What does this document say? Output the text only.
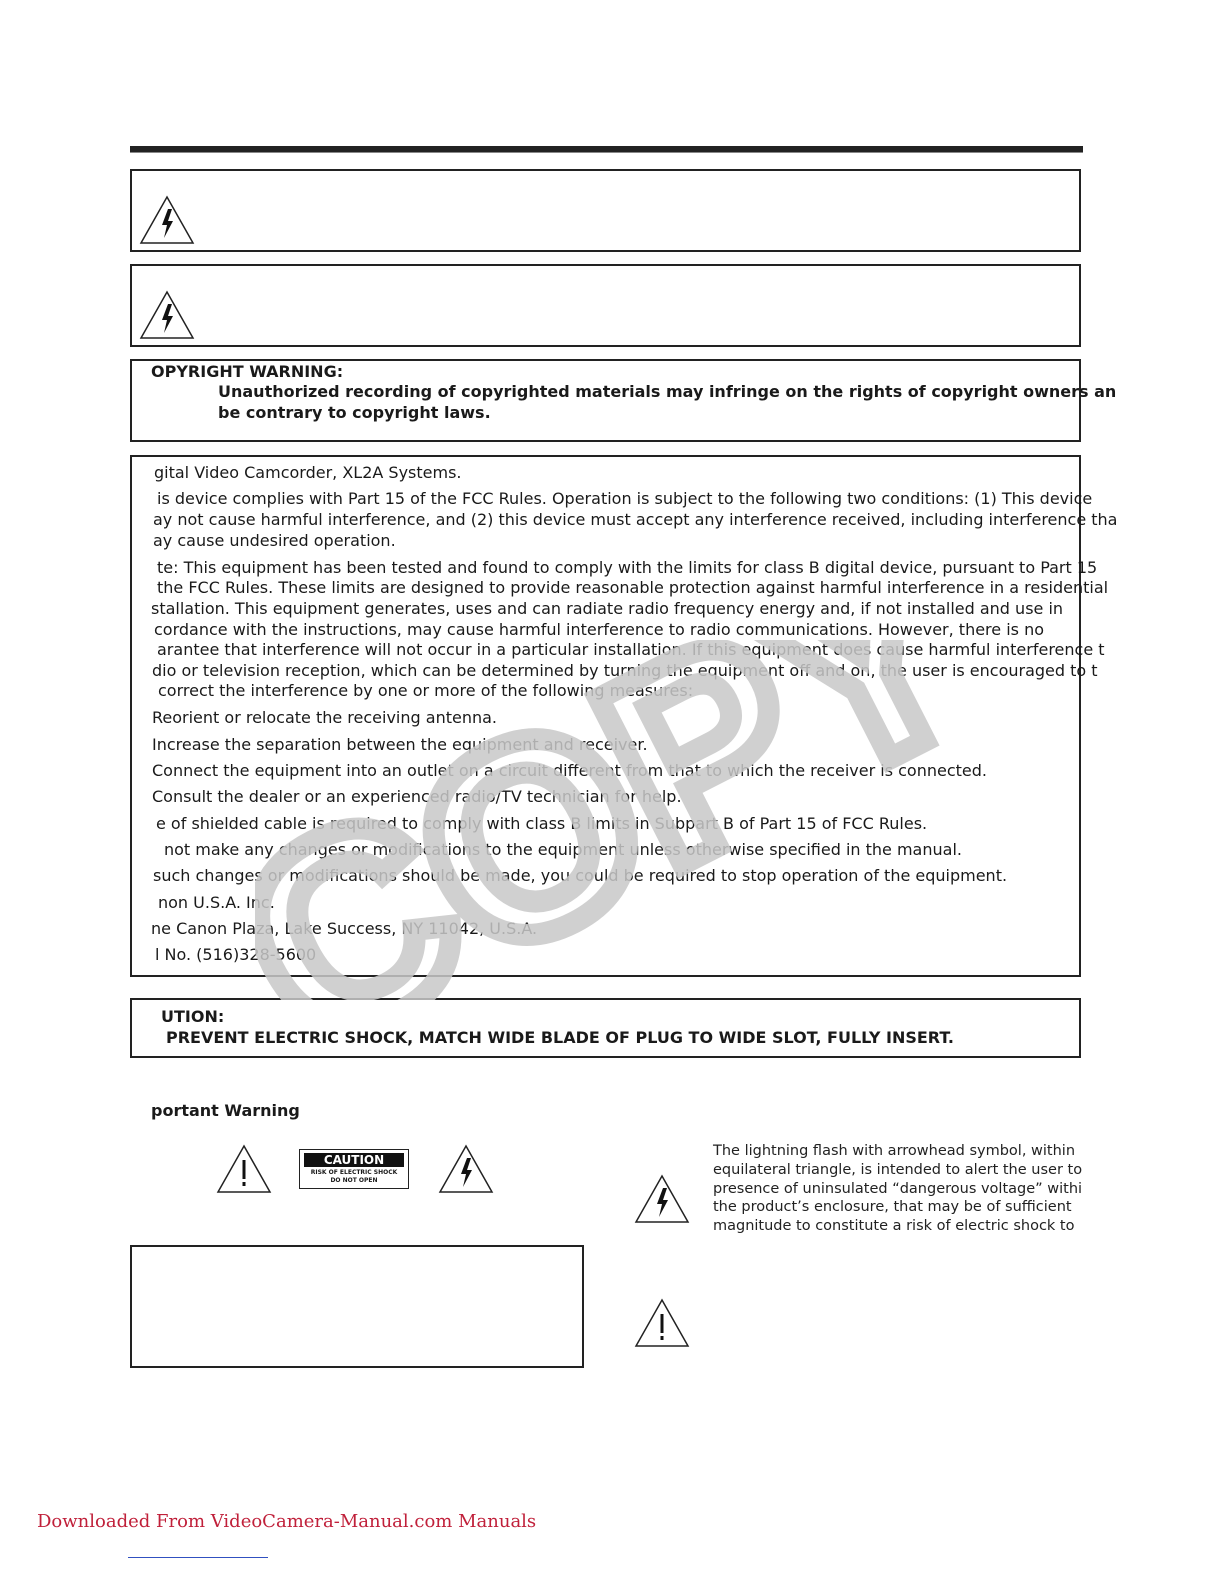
OPYRIGHT WARNING:
Unauthorized recording of copyrighted materials may infringe on the rights of copyright owners an
be contrary to copyright laws.
gital Video Camcorder, XL2A Systems.
is device complies with Part 15 of the FCC Rules. Operation is subject to the following two conditions: (1) This device
ay not cause harmful interference, and (2) this device must accept any interference received, including interference tha
ay cause undesired operation.
te: This equipment has been tested and found to comply with the limits for class B digital device, pursuant to Part 15
the FCC Rules. These limits are designed to provide reasonable protection against harmful interference in a residential
stallation. This equipment generates, uses and can radiate radio frequency energy and, if not installed and use in
cordance with the instructions, may cause harmful interference to radio communications. However, there is no
arantee that interference will not occur in a particular installation. If this equipment does cause harmful interference t
dio or television reception, which can be determined by turning the equipment off and on, the user is encouraged to t
correct the interference by one or more of the following measures:
Reorient or relocate the receiving antenna.
Increase the separation between the equipment and receiver.
Connect the equipment into an outlet on a circuit different from that to which the receiver is connected.
Consult the dealer or an experienced radio/TV technician for help.
e of shielded cable is required to comply with class B limits in Subpart B of Part 15 of FCC Rules.
not make any changes or modifications to the equipment unless otherwise specified in the manual.
such changes or modifications should be made, you could be required to stop operation of the equipment.
non U.S.A. Inc.
ne Canon Plaza, Lake Success, NY 11042, U.S.A.
l No. (516)328-5600
UTION:
PREVENT ELECTRIC SHOCK, MATCH WIDE BLADE OF PLUG TO WIDE SLOT, FULLY INSERT.
portant Warning
CAUTION
RISK OF ELECTRIC SHOCK
DO NOT OPEN
The lightning flash with arrowhead symbol, within
equilateral triangle, is intended to alert the user to
presence of uninsulated “dangerous voltage” withi
the product’s enclosure, that may be of sufficient
magnitude to constitute a risk of electric shock to
COPY
Downloaded From VideoCamera-Manual.com Manuals
